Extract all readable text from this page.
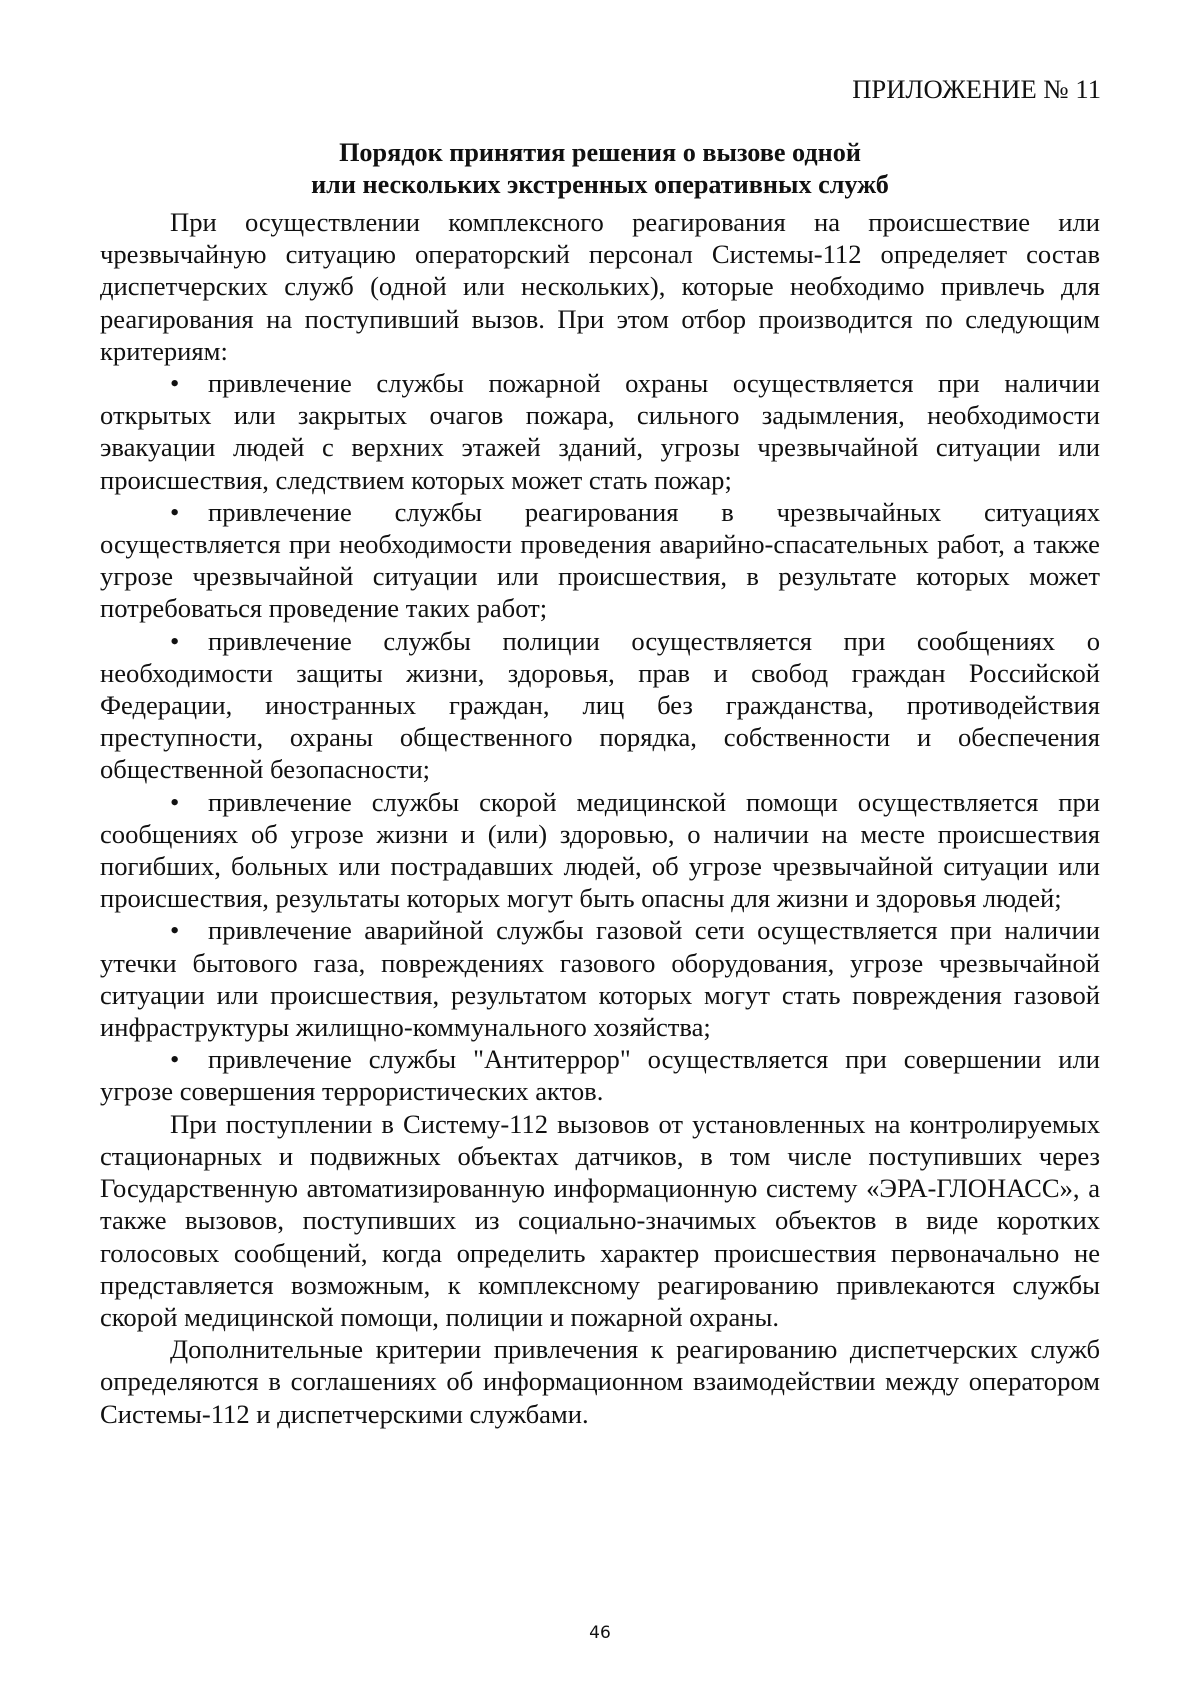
ПРИЛОЖЕНИЕ № 11
Порядок принятия решения о вызове одной
или нескольких экстренных оперативных служб

При осуществлении комплексного реагирования на происшествие или чрезвычайную ситуацию операторский персонал Системы-112 определяет состав диспетчерских служб (одной или нескольких), которые необходимо привлечь для реагирования на поступивший вызов. При этом отбор производится по следующим критериям:

• привлечение службы пожарной охраны осуществляется при наличии открытых или закрытых очагов пожара, сильного задымления, необходимости эвакуации людей с верхних этажей зданий, угрозы чрезвычайной ситуации или происшествия, следствием которых может стать пожар;

• привлечение службы реагирования в чрезвычайных ситуациях осуществляется при необходимости проведения аварийно-спасательных работ, а также угрозе чрезвычайной ситуации или происшествия, в результате которых может потребоваться проведение таких работ;

• привлечение службы полиции осуществляется при сообщениях о необходимости защиты жизни, здоровья, прав и свобод граждан Российской Федерации, иностранных граждан, лиц без гражданства, противодействия преступности, охраны общественного порядка, собственности и обеспечения общественной безопасности;

• привлечение службы скорой медицинской помощи осуществляется при сообщениях об угрозе жизни и (или) здоровью, о наличии на месте происшествия погибших, больных или пострадавших людей, об угрозе чрезвычайной ситуации или происшествия, результаты которых могут быть опасны для жизни и здоровья людей;

• привлечение аварийной службы газовой сети осуществляется при наличии утечки бытового газа, повреждениях газового оборудования, угрозе чрезвычайной ситуации или происшествия, результатом которых могут стать повреждения газовой инфраструктуры жилищно-коммунального хозяйства;

• привлечение службы "Антитеррор" осуществляется при совершении или угрозе совершения террористических актов.

При поступлении в Систему-112 вызовов от установленных на контролируемых стационарных и подвижных объектах датчиков, в том числе поступивших через Государственную автоматизированную информационную систему «ЭРА-ГЛОНАСС», а также вызовов, поступивших из социально-значимых объектов в виде коротких голосовых сообщений, когда определить характер происшествия первоначально не представляется возможным, к комплексному реагированию привлекаются службы скорой медицинской помощи, полиции и пожарной охраны.

Дополнительные критерии привлечения к реагированию диспетчерских служб определяются в соглашениях об информационном взаимодействии между оператором Системы-112 и диспетчерскими службами.

46
